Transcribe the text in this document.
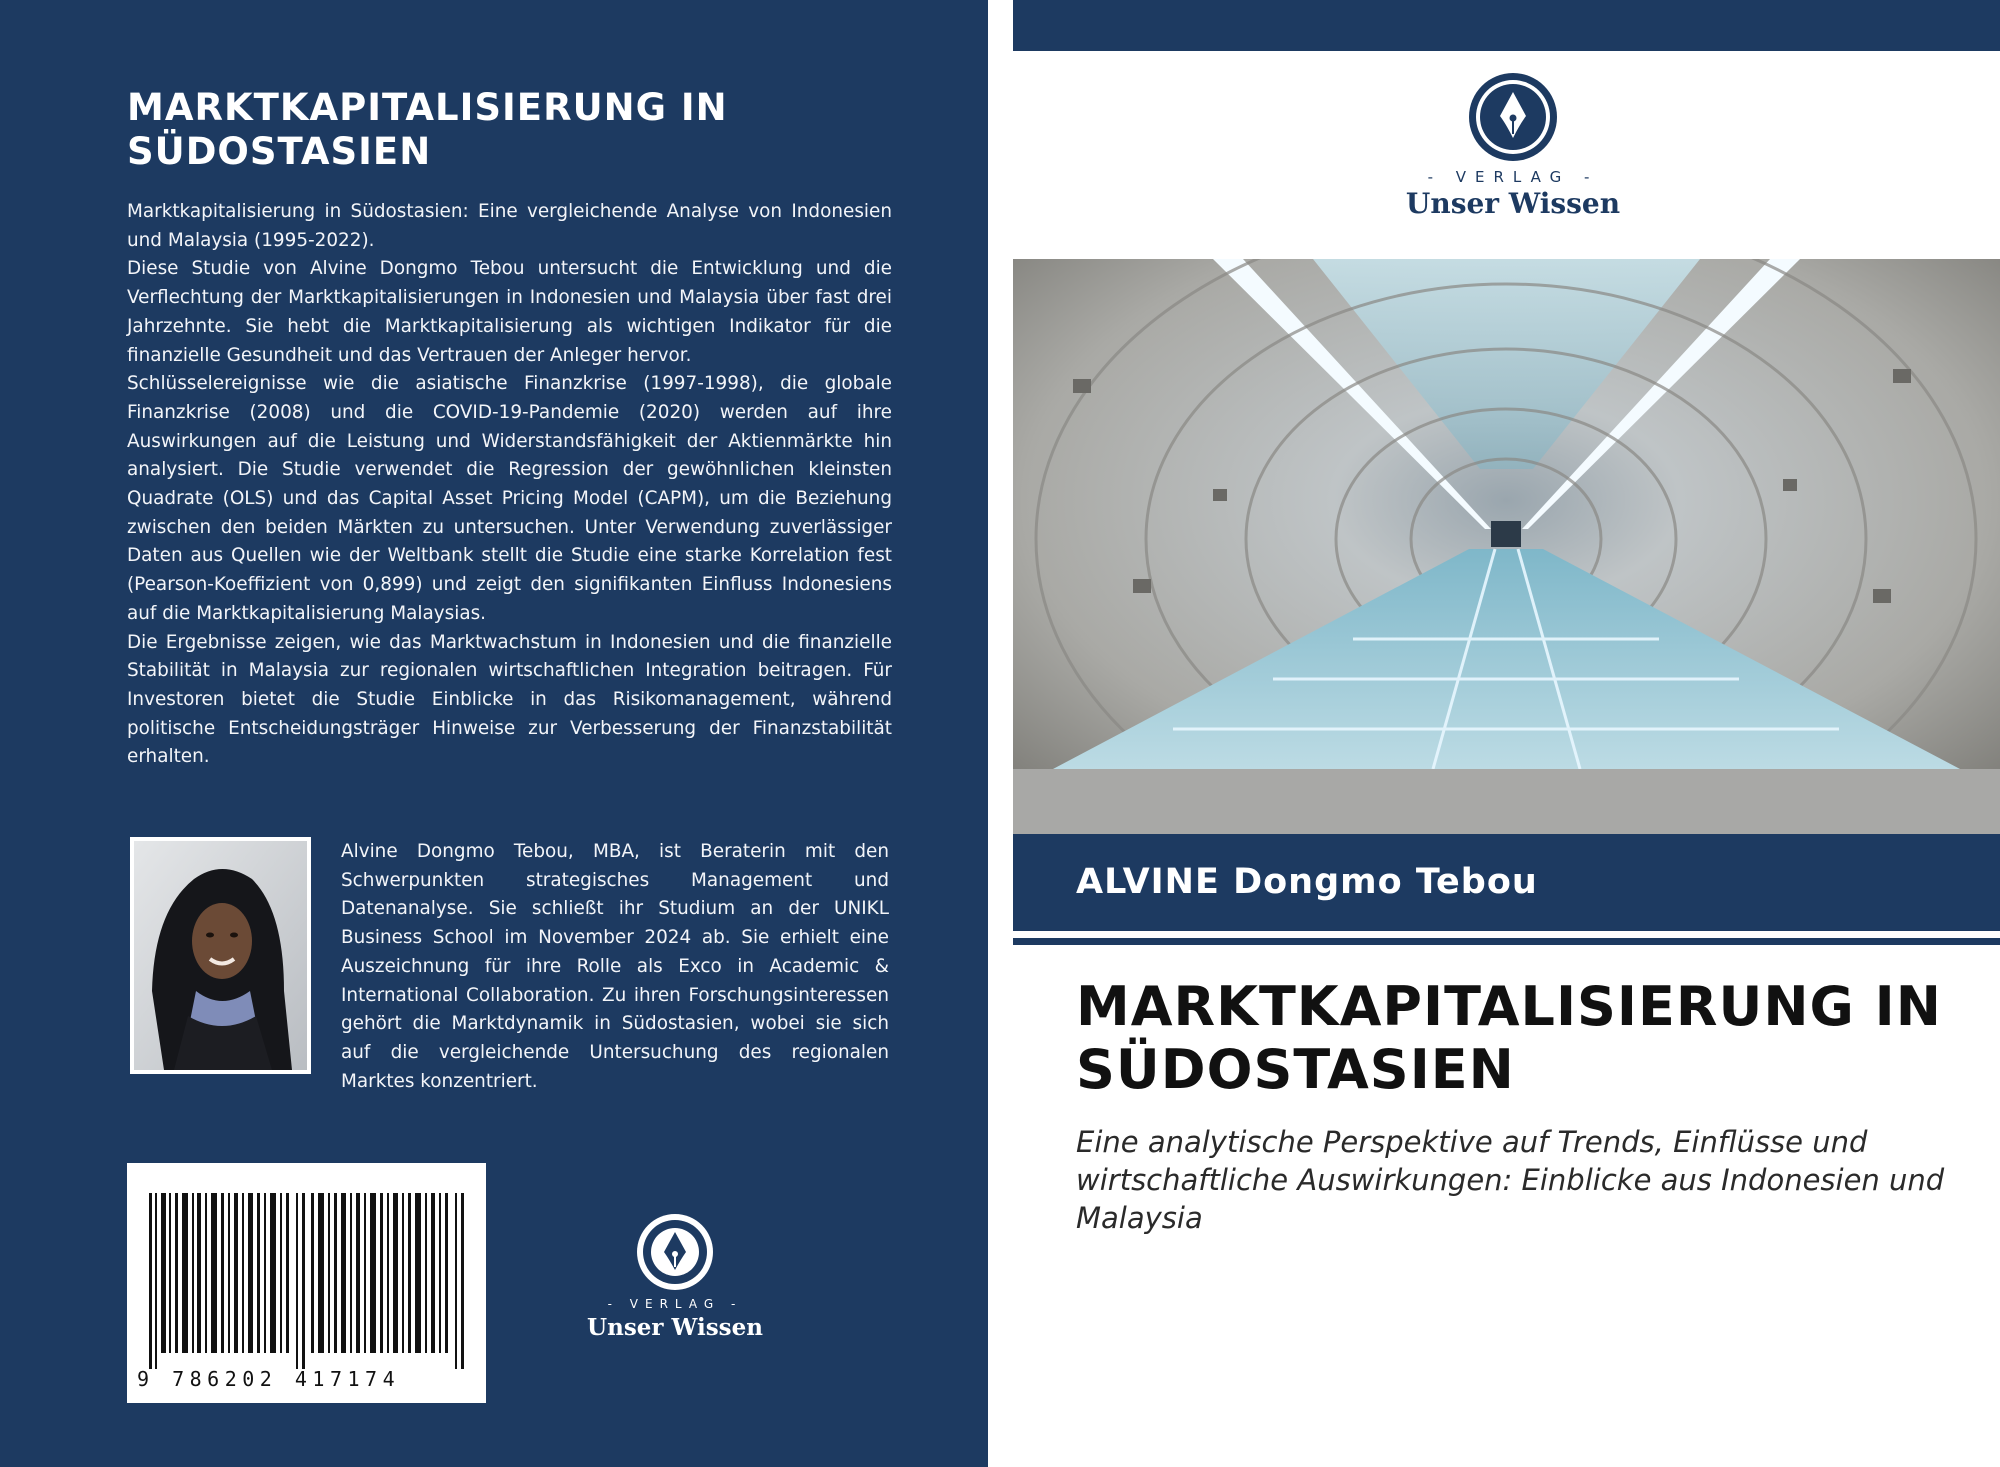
MARKTKAPITALISIERUNG IN SÜDOSTASIEN

Marktkapitalisierung in Südostasien: Eine vergleichende Analyse von Indonesien und Malaysia (1995-2022).

Diese Studie von Alvine Dongmo Tebou untersucht die Entwicklung und die Verflechtung der Marktkapitalisierungen in Indonesien und Malaysia über fast drei Jahrzehnte. Sie hebt die Marktkapitalisierung als wichtigen Indikator für die finanzielle Gesundheit und das Vertrauen der Anleger hervor.

Schlüsselereignisse wie die asiatische Finanzkrise (1997-1998), die globale Finanzkrise (2008) und die COVID-19-Pandemie (2020) werden auf ihre Auswirkungen auf die Leistung und Widerstandsfähigkeit der Aktienmärkte hin analysiert. Die Studie verwendet die Regression der gewöhnlichen kleinsten Quadrate (OLS) und das Capital Asset Pricing Model (CAPM), um die Beziehung zwischen den beiden Märkten zu untersuchen. Unter Verwendung zuverlässiger Daten aus Quellen wie der Weltbank stellt die Studie eine starke Korrelation fest (Pearson-Koeffizient von 0,899) und zeigt den signifikanten Einfluss Indonesiens auf die Marktkapitalisierung Malaysias.

Die Ergebnisse zeigen, wie das Marktwachstum in Indonesien und die finanzielle Stabilität in Malaysia zur regionalen wirtschaftlichen Integration beitragen. Für Investoren bietet die Studie Einblicke in das Risikomanagement, während politische Entscheidungsträger Hinweise zur Verbesserung der Finanzstabilität erhalten.

Alvine Dongmo Tebou, MBA, ist Beraterin mit den Schwerpunkten strategisches Management und Datenanalyse. Sie schließt ihr Studium an der UNIKL Business School im November 2024 ab. Sie erhielt eine Auszeichnung für ihre Rolle als Exco in Academic & International Collaboration. Zu ihren Forschungsinteressen gehört die Marktdynamik in Südostasien, wobei sie sich auf die vergleichende Untersuchung des regionalen Marktes konzentriert.
9 786202 417174
- VERLAG -
Unser Wissen
- VERLAG -
Unser Wissen
ALVINE Dongmo Tebou
MARKTKAPITALISIERUNG IN SÜDOSTASIEN
Eine analytische Perspektive auf Trends, Einflüsse und wirtschaftliche Auswirkungen: Einblicke aus Indonesien und Malaysia
